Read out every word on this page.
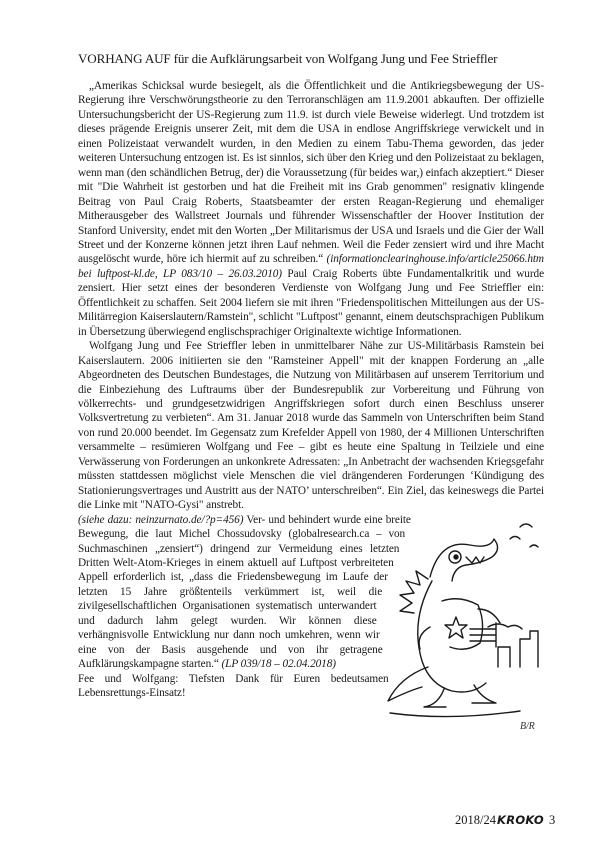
VORHANG AUF für die Aufklärungsarbeit von Wolfgang Jung und Fee Strieffler

„Amerikas Schicksal wurde besiegelt, als die Öffentlichkeit und die Antikriegsbewegung der US-Regierung ihre Verschwörungstheorie zu den Terroranschlägen am 11.9.2001 abkauften. Der offizielle Untersuchungsbericht der US-Regierung zum 11.9. ist durch viele Beweise widerlegt. Und trotzdem ist dieses prägende Ereignis unserer Zeit, mit dem die USA in endlose Angriffskriege verwickelt und in einen Polizeistaat verwandelt wurden, in den Medien zu einem Tabu-Thema geworden, das jeder weiteren Untersuchung entzogen ist. Es ist sinnlos, sich über den Krieg und den Polizeistaat zu beklagen, wenn man (den schändlichen Betrug, der) die Voraussetzung (für beides war,) einfach akzeptiert.“ Dieser mit "Die Wahrheit ist gestorben und hat die Freiheit mit ins Grab genommen" resignativ klingende Beitrag von Paul Craig Roberts, Staatsbeamter der ersten Reagan-Regierung und ehemaliger Mitherausgeber des Wallstreet Journals und führender Wissenschaftler der Hoover Institution der Stanford University, endet mit den Worten „Der Militarismus der USA und Israels und die Gier der Wall Street und der Konzerne können jetzt ihren Lauf nehmen. Weil die Feder zensiert wird und ihre Macht ausgelöscht wurde, höre ich hiermit auf zu schreiben.“ (informationclearinghouse.info/article25066.htm bei luftpost-kl.de, LP 083/10 – 26.03.2010) Paul Craig Roberts übte Fundamentalkritik und wurde zensiert. Hier setzt eines der besonderen Verdienste von Wolfgang Jung und Fee Strieffler ein: Öffentlichkeit zu schaffen. Seit 2004 liefern sie mit ihren "Friedenspolitischen Mitteilungen aus der US-Militärregion Kaiserslautern/Ramstein", schlicht "Luftpost" genannt, einem deutschsprachigen Publikum in Übersetzung überwiegend englischsprachiger Originaltexte wichtige Informationen.

Wolfgang Jung und Fee Strieffler leben in unmittelbarer Nähe zur US-Militärbasis Ramstein bei Kaiserslautern. 2006 initiierten sie den "Ramsteiner Appell" mit der knappen Forderung an „alle Abgeordneten des Deutschen Bundestages, die Nutzung von Militärbasen auf unserem Territorium und die Einbeziehung des Luftraums über der Bundesrepublik zur Vorbereitung und Führung von völkerrechts- und grundgesetzwidrigen Angriffskriegen sofort durch einen Beschluss unserer Volksvertretung zu verbieten“. Am 31. Januar 2018 wurde das Sammeln von Unterschriften beim Stand von rund 20.000 beendet. Im Gegensatz zum Krefelder Appell von 1980, der 4 Millionen Unterschriften versammelte – resümieren Wolfgang und Fee – gibt es heute eine Spaltung in Teilziele und eine Verwässerung von Forderungen an unkonkrete Adressaten: „In Anbetracht der wachsenden Kriegsgefahr müssten stattdessen möglichst viele Menschen die viel drängenderen Forderungen ‘Kündigung des Stationierungsvertrages und Austritt aus der NATO’ unterschreiben“. Ein Ziel, das keineswegs die Partei die Linke mit "NATO-Gysi" anstrebt.

B/R

(siehe dazu: neinzurnato.de/?p=456) Ver- und behindert wurde eine breite Bewegung, die laut Michel Chossudovsky (globalresearch.ca – von Suchmaschinen „zensiert“) dringend zur Vermeidung eines letzten Dritten Welt-Atom-Krieges in einem aktuell auf Luftpost verbreiteten Appell erforderlich ist, „dass die Friedensbewegung im Laufe der letzten 15 Jahre größtenteils verkümmert ist, weil die zivilgesellschaftlichen Organisationen systematisch unterwandert und dadurch lahm gelegt wurden. Wir können diese verhängnisvolle Entwicklung nur dann noch umkehren, wenn wir eine von der Basis ausgehende und von ihr getragene Aufklärungskampagne starten.“ (LP 039/18 – 02.04.2018)

Fee und Wolfgang: Tiefsten Dank für Euren bedeutsamen Lebensrettungs-Einsatz!

2018/24KROKO 3
